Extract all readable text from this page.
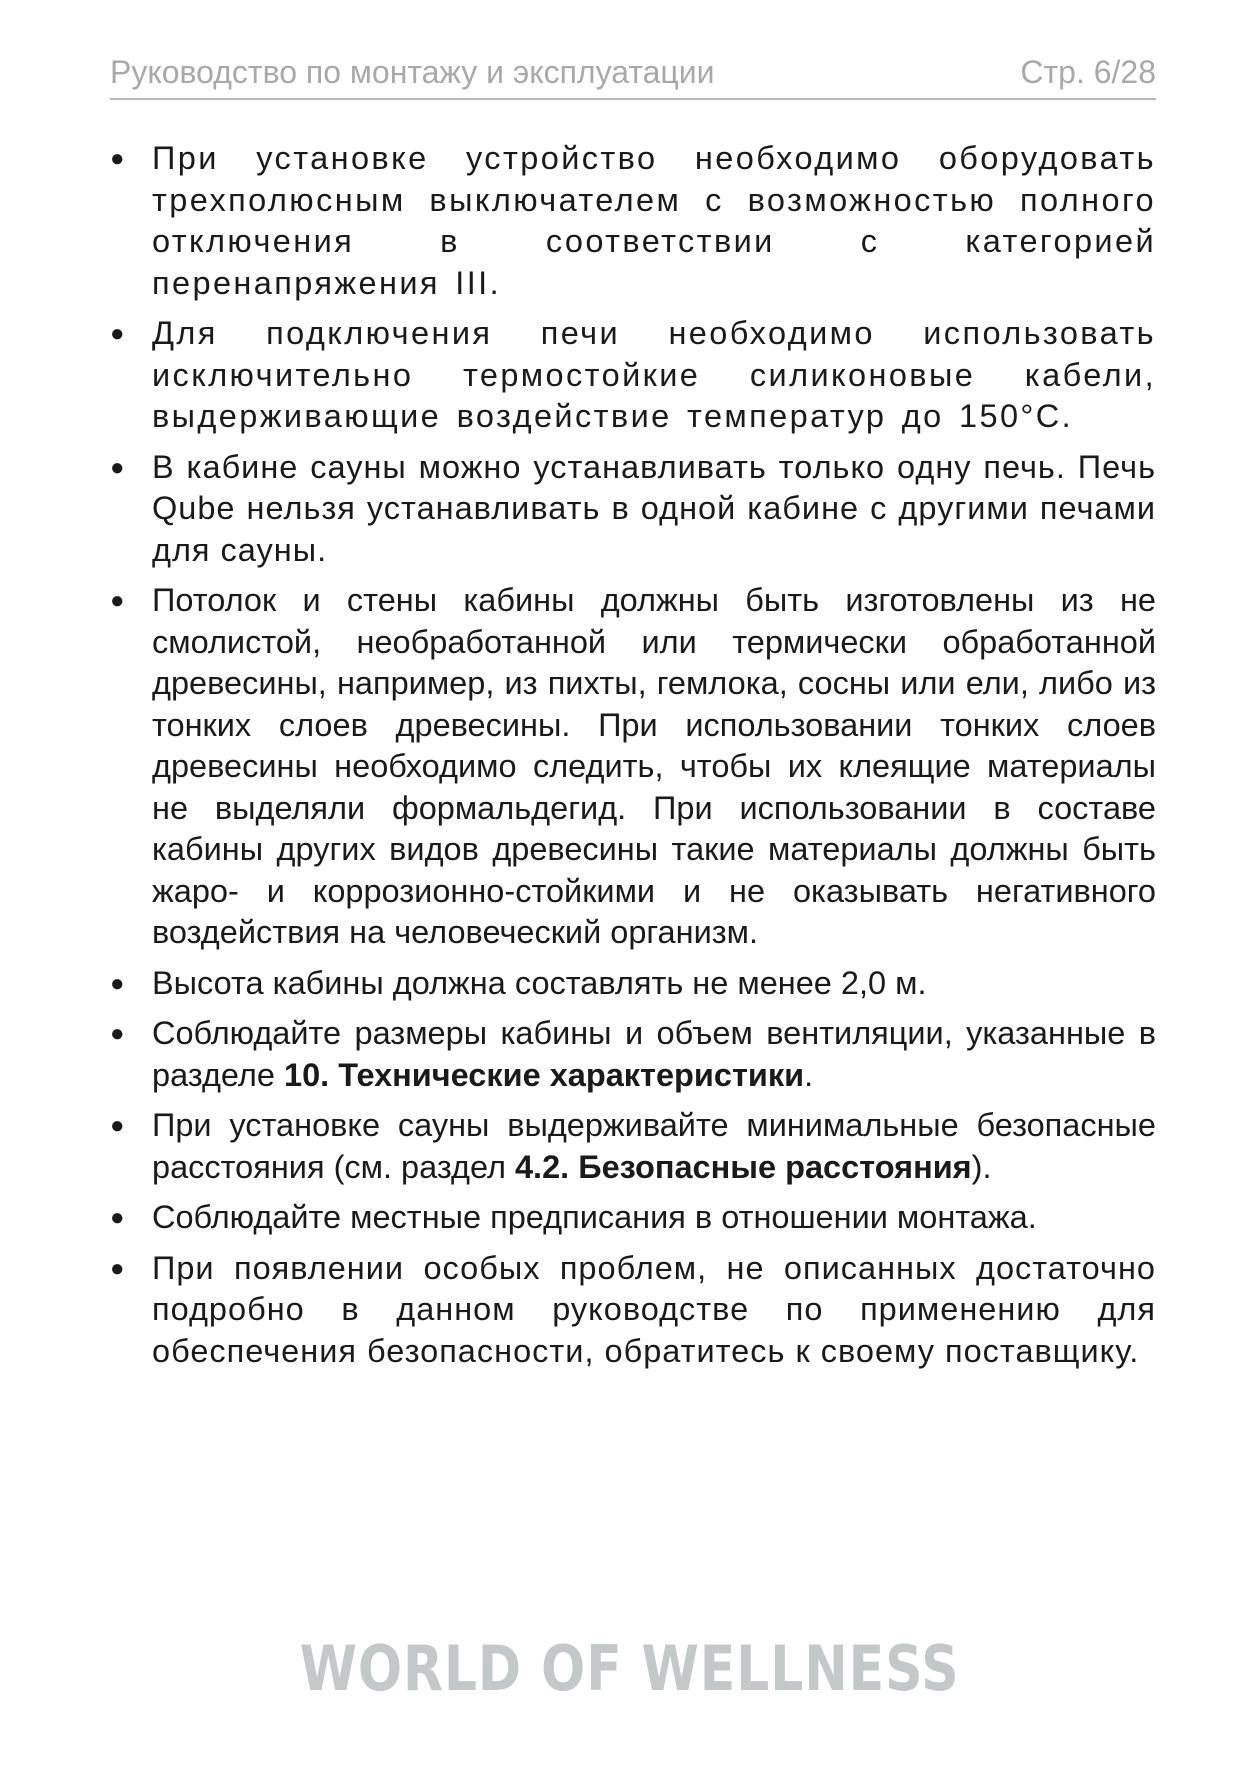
Руководство по монтажу и эксплуатации	Стр. 6/28
● При установке устройство необходимо оборудовать трехполюсным выключателем с возможностью полного отключения в соответствии с категорией перенапряжения III.
● Для подключения печи необходимо использовать исключительно термостойкие силиконовые кабели, выдерживающие воздействие температур до 150°C.
● В кабине сауны можно устанавливать только одну печь. Печь Qube нельзя устанавливать в одной кабине с другими печами для сауны.
● Потолок и стены кабины должны быть изготовлены из не смолистой, необработанной или термически обработанной древесины, например, из пихты, гемлока, сосны или ели, либо из тонких слоев древесины. При использовании тонких слоев древесины необходимо следить, чтобы их клеящие материалы не выделяли формальдегид. При использовании в составе кабины других видов древесины такие материалы должны быть жаро- и коррозионно-стойкими и не оказывать негативного воздействия на человеческий организм.
● Высота кабины должна составлять не менее 2,0 м.
● Соблюдайте размеры кабины и объем вентиляции, указанные в разделе 10. Технические характеристики.
● При установке сауны выдерживайте минимальные безопасные расстояния (см. раздел 4.2. Безопасные расстояния).
● Соблюдайте местные предписания в отношении монтажа.
● При появлении особых проблем, не описанных достаточно подробно в данном руководстве по применению для обеспечения безопасности, обратитесь к своему поставщику.
WORLD OF WELLNESS
